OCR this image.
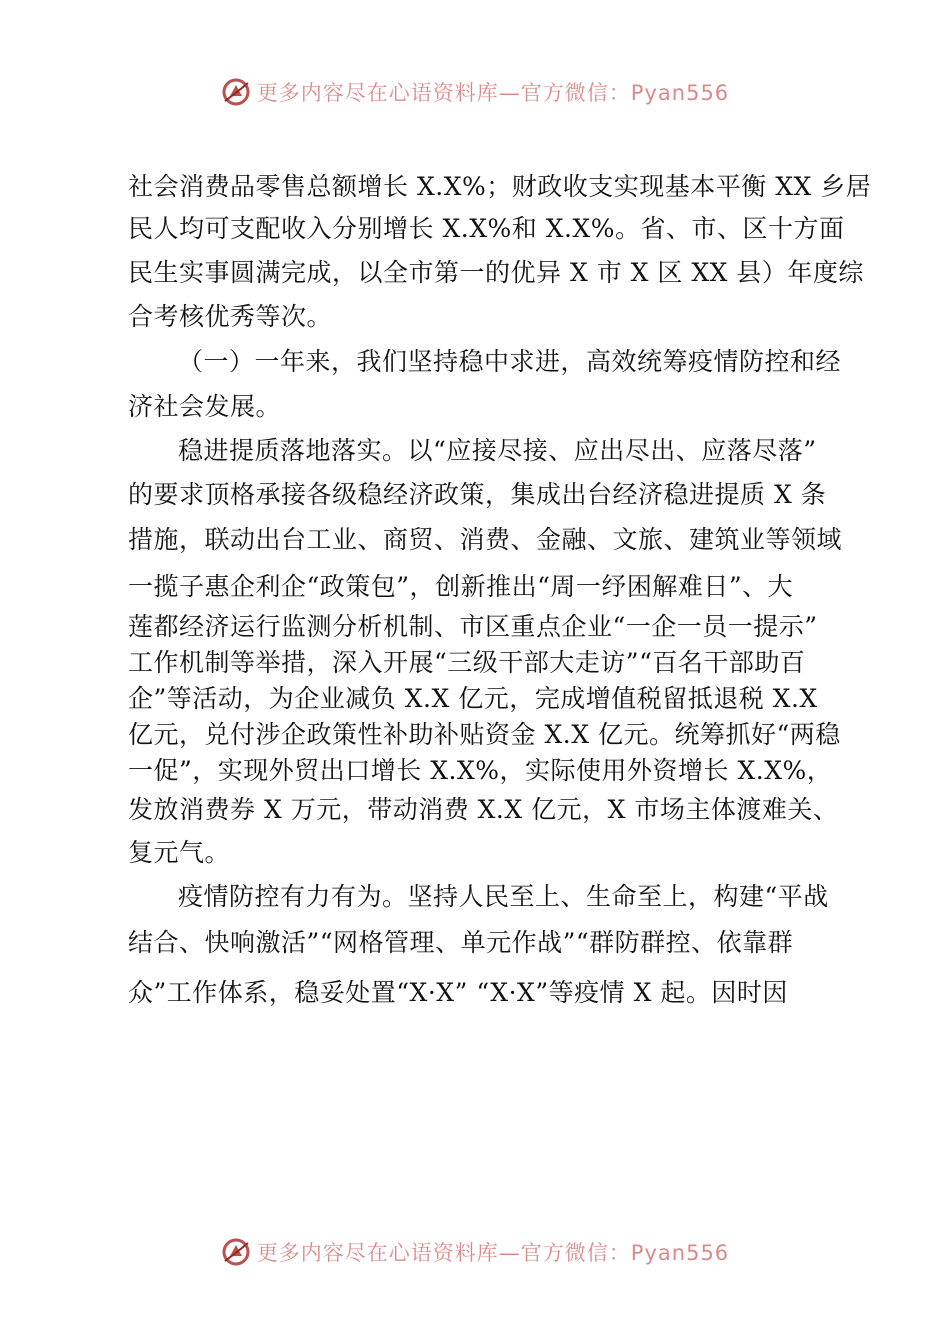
更多内容尽在心语资料库—官方微信：Pyan556
社会消费品零售总额增长 X.X%；财政收支实现基本平衡 XX 乡居
民人均可支配收入分别增长 X.X%和 X.X%。省、市、区十方面
民生实事圆满完成，以全市第一的优异 X 市 X 区 XX 县）年度综
合考核优秀等次。
（一）一年来，我们坚持稳中求进，高效统筹疫情防控和经
济社会发展。
稳进提质落地落实。以“应接尽接、应出尽出、应落尽落”
的要求顶格承接各级稳经济政策，集成出台经济稳进提质 X 条
措施，联动出台工业、商贸、消费、金融、文旅、建筑业等领域
一揽子惠企利企“政策包”，创新推出“周一纾困解难日”、大
莲都经济运行监测分析机制、市区重点企业“一企一员一提示”
工作机制等举措，深入开展“三级干部大走访”“百名干部助百
企”等活动，为企业减负 X.X 亿元，完成增值税留抵退税 X.X
亿元，兑付涉企政策性补助补贴资金 X.X 亿元。统筹抓好“两稳
一促”，实现外贸出口增长 X.X%，实际使用外资增长 X.X%，
发放消费券 X 万元，带动消费 X.X 亿元，X 市场主体渡难关、
复元气。
疫情防控有力有为。坚持人民至上、生命至上，构建“平战
结合、快响激活”“网格管理、单元作战”“群防群控、依靠群
众”工作体系，稳妥处置“X·X” “X·X”等疫情 X 起。因时因
更多内容尽在心语资料库—官方微信：Pyan556
